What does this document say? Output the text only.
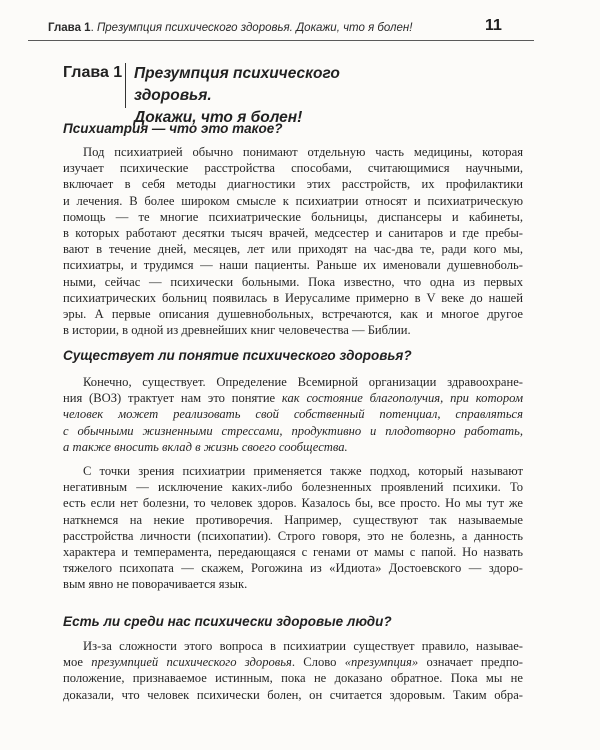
Глава 1. Презумпция психического здоровья. Докажи, что я болен!	11
Глава 1 Презумпция психического здоровья.
Докажи, что я болен!
Психиатрия — что это такое?
Под психиатрией обычно понимают отдельную часть медицины, которая
изучает психические расстройства способами, считающимися научными,
включает в себя методы диагностики этих расстройств, их профилактики
и лечения. В более широком смысле к психиатрии относят и психиатрическую
помощь — те многие психиатрические больницы, диспансеры и кабинеты,
в которых работают десятки тысяч врачей, медсестер и санитаров и где пребы-
вают в течение дней, месяцев, лет или приходят на час-два те, ради кого мы,
психиатры, и трудимся — наши пациенты. Раньше их именовали душевноболь-
ными, сейчас — психически больными. Пока известно, что одна из первых
психиатрических больниц появилась в Иерусалиме примерно в V веке до нашей
эры. А первые описания душевнобольных, встречаются, как и многое другое
в истории, в одной из древнейших книг человечества — Библии.
Существует ли понятие психического здоровья?
Конечно, существует. Определение Всемирной организации здравоохране-
ния (ВОЗ) трактует нам это понятие как состояние благополучия, при котором
человек может реализовать свой собственный потенциал, справляться
с обычными жизненными стрессами, продуктивно и плодотворно работать,
а также вносить вклад в жизнь своего сообщества.
С точки зрения психиатрии применяется также подход, который называют
негативным — исключение каких-либо болезненных проявлений психики. То
есть если нет болезни, то человек здоров. Казалось бы, все просто. Но мы тут же
наткнемся на некие противоречия. Например, существуют так называемые
расстройства личности (психопатии). Строго говоря, это не болезнь, а данность
характера и темперамента, передающаяся с генами от мамы с папой. Но назвать
тяжелого психопата — скажем, Рогожина из «Идиота» Достоевского — здоро-
вым явно не поворачивается язык.
Есть ли среди нас психически здоровые люди?
Из-за сложности этого вопроса в психиатрии существует правило, называе-
мое презумпцией психического здоровья. Слово «презумпция» означает предпо-
положение, признаваемое истинным, пока не доказано обратное. Пока мы не
доказали, что человек психически болен, он считается здоровым. Таким обра-
